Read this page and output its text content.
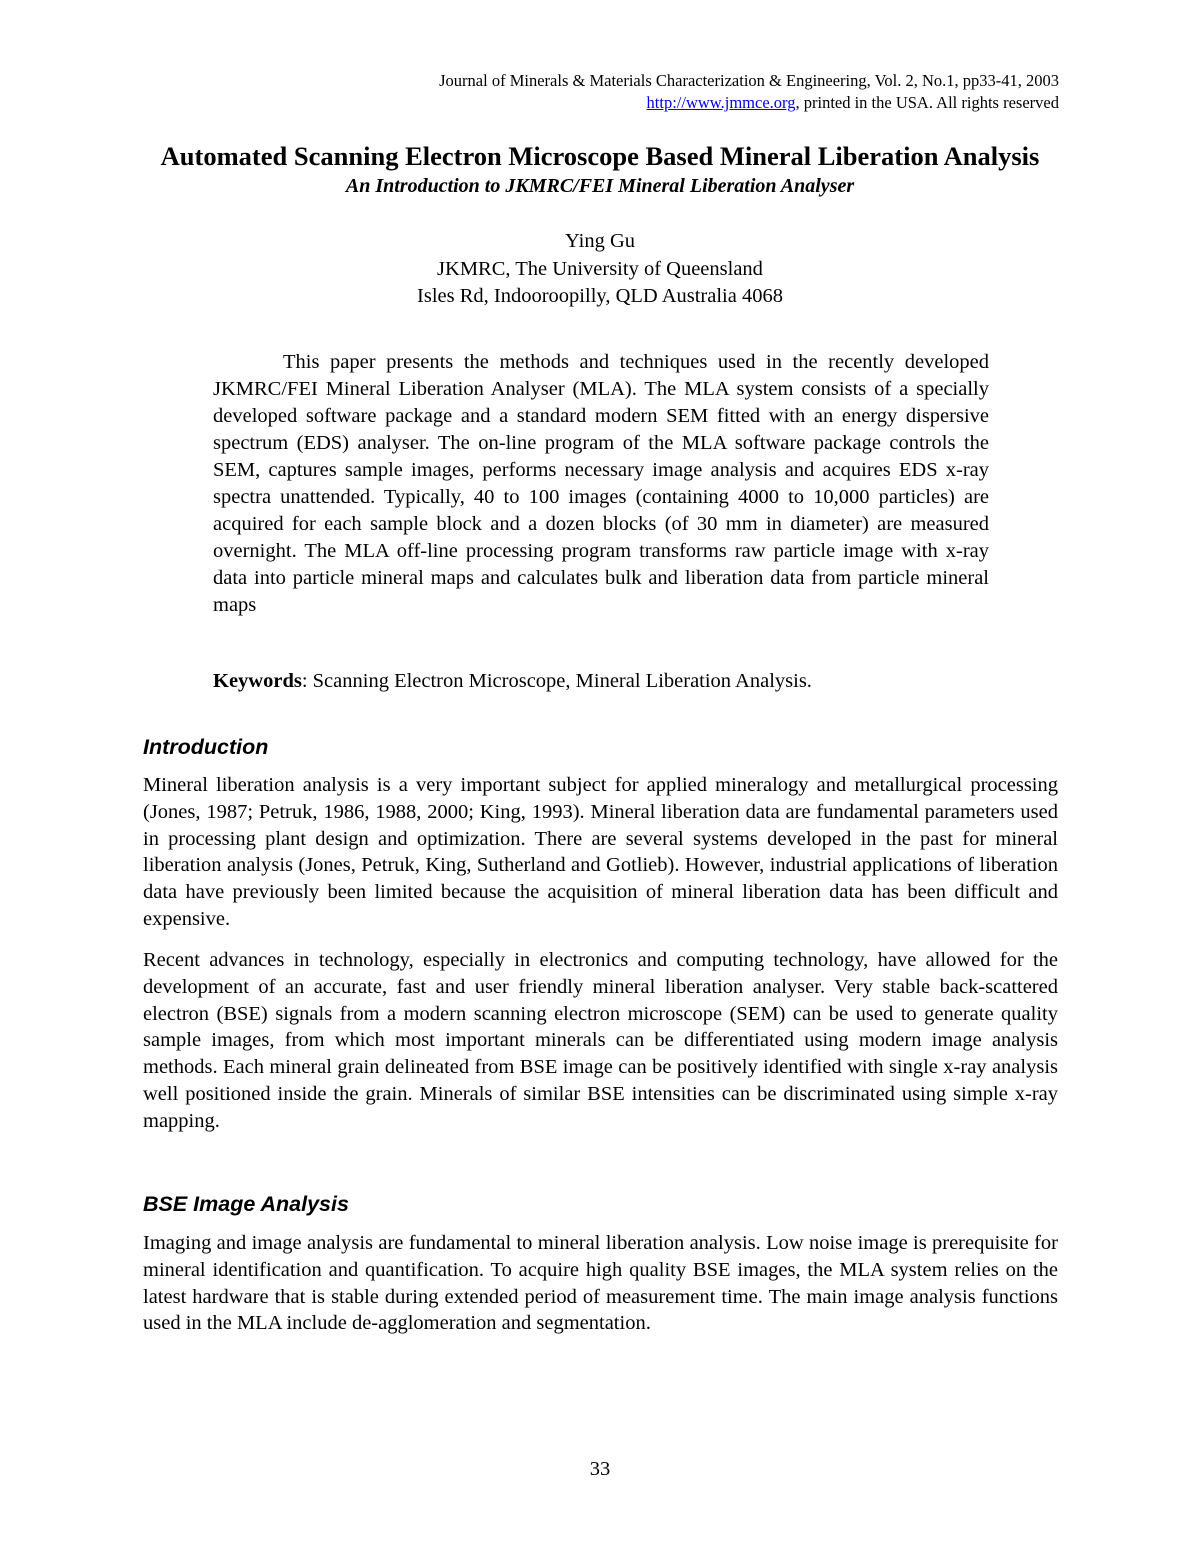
Journal of Minerals & Materials Characterization & Engineering, Vol. 2, No.1, pp33-41, 2003
http://www.jmmce.org, printed in the USA. All rights reserved
Automated Scanning Electron Microscope Based Mineral Liberation Analysis
An Introduction to JKMRC/FEI Mineral Liberation Analyser
Ying Gu
JKMRC, The University of Queensland
Isles Rd, Indooroopilly, QLD Australia 4068

This paper presents the methods and techniques used in the recently developed JKMRC/FEI Mineral Liberation Analyser (MLA). The MLA system consists of a specially developed software package and a standard modern SEM fitted with an energy dispersive spectrum (EDS) analyser. The on-line program of the MLA software package controls the SEM, captures sample images, performs necessary image analysis and acquires EDS x-ray spectra unattended. Typically, 40 to 100 images (containing 4000 to 10,000 particles) are acquired for each sample block and a dozen blocks (of 30 mm in diameter) are measured overnight. The MLA off-line processing program transforms raw particle image with x-ray data into particle mineral maps and calculates bulk and liberation data from particle mineral maps

Keywords: Scanning Electron Microscope, Mineral Liberation Analysis.

Introduction

Mineral liberation analysis is a very important subject for applied mineralogy and metallurgical processing (Jones, 1987; Petruk, 1986, 1988, 2000; King, 1993). Mineral liberation data are fundamental parameters used in processing plant design and optimization. There are several systems developed in the past for mineral liberation analysis (Jones, Petruk, King, Sutherland and Gotlieb). However, industrial applications of liberation data have previously been limited because the acquisition of mineral liberation data has been difficult and expensive.

Recent advances in technology, especially in electronics and computing technology, have allowed for the development of an accurate, fast and user friendly mineral liberation analyser. Very stable back-scattered electron (BSE) signals from a modern scanning electron microscope (SEM) can be used to generate quality sample images, from which most important minerals can be differentiated using modern image analysis methods. Each mineral grain delineated from BSE image can be positively identified with single x-ray analysis well positioned inside the grain. Minerals of similar BSE intensities can be discriminated using simple x-ray mapping.

BSE Image Analysis

Imaging and image analysis are fundamental to mineral liberation analysis. Low noise image is prerequisite for mineral identification and quantification. To acquire high quality BSE images, the MLA system relies on the latest hardware that is stable during extended period of measurement time. The main image analysis functions used in the MLA include de-agglomeration and segmentation.

33
